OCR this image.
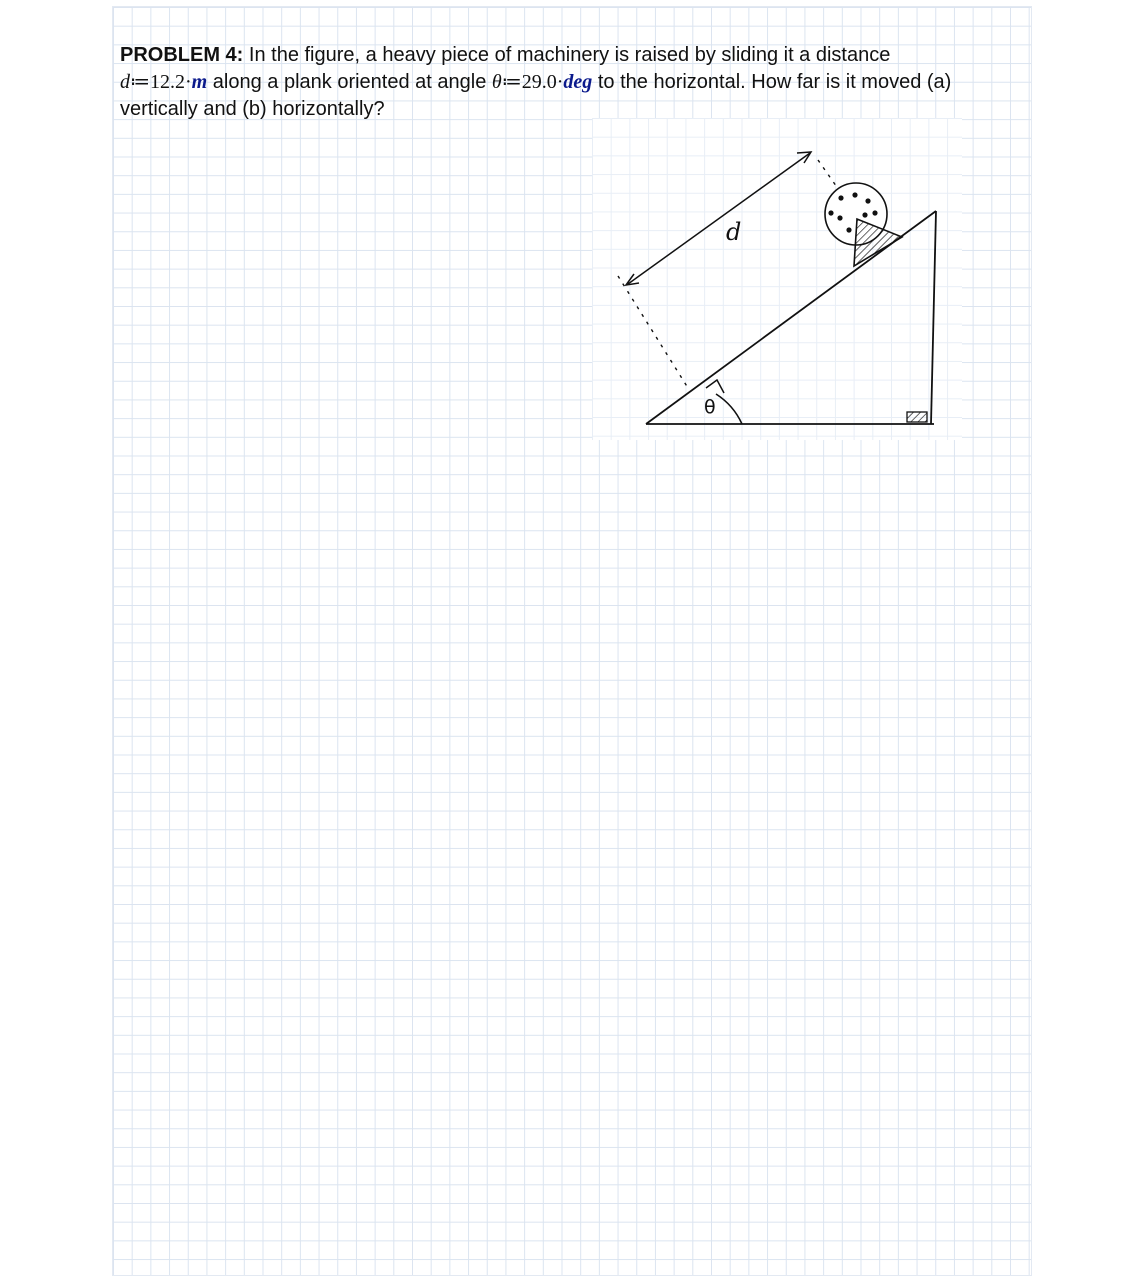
PROBLEM 4: In the figure, a heavy piece of machinery is raised by sliding it a distance
d≔12.2·m along a plank oriented at angle θ≔29.0·deg to the horizontal. How far is it moved (a) vertically and (b) horizontally?
d
θ
